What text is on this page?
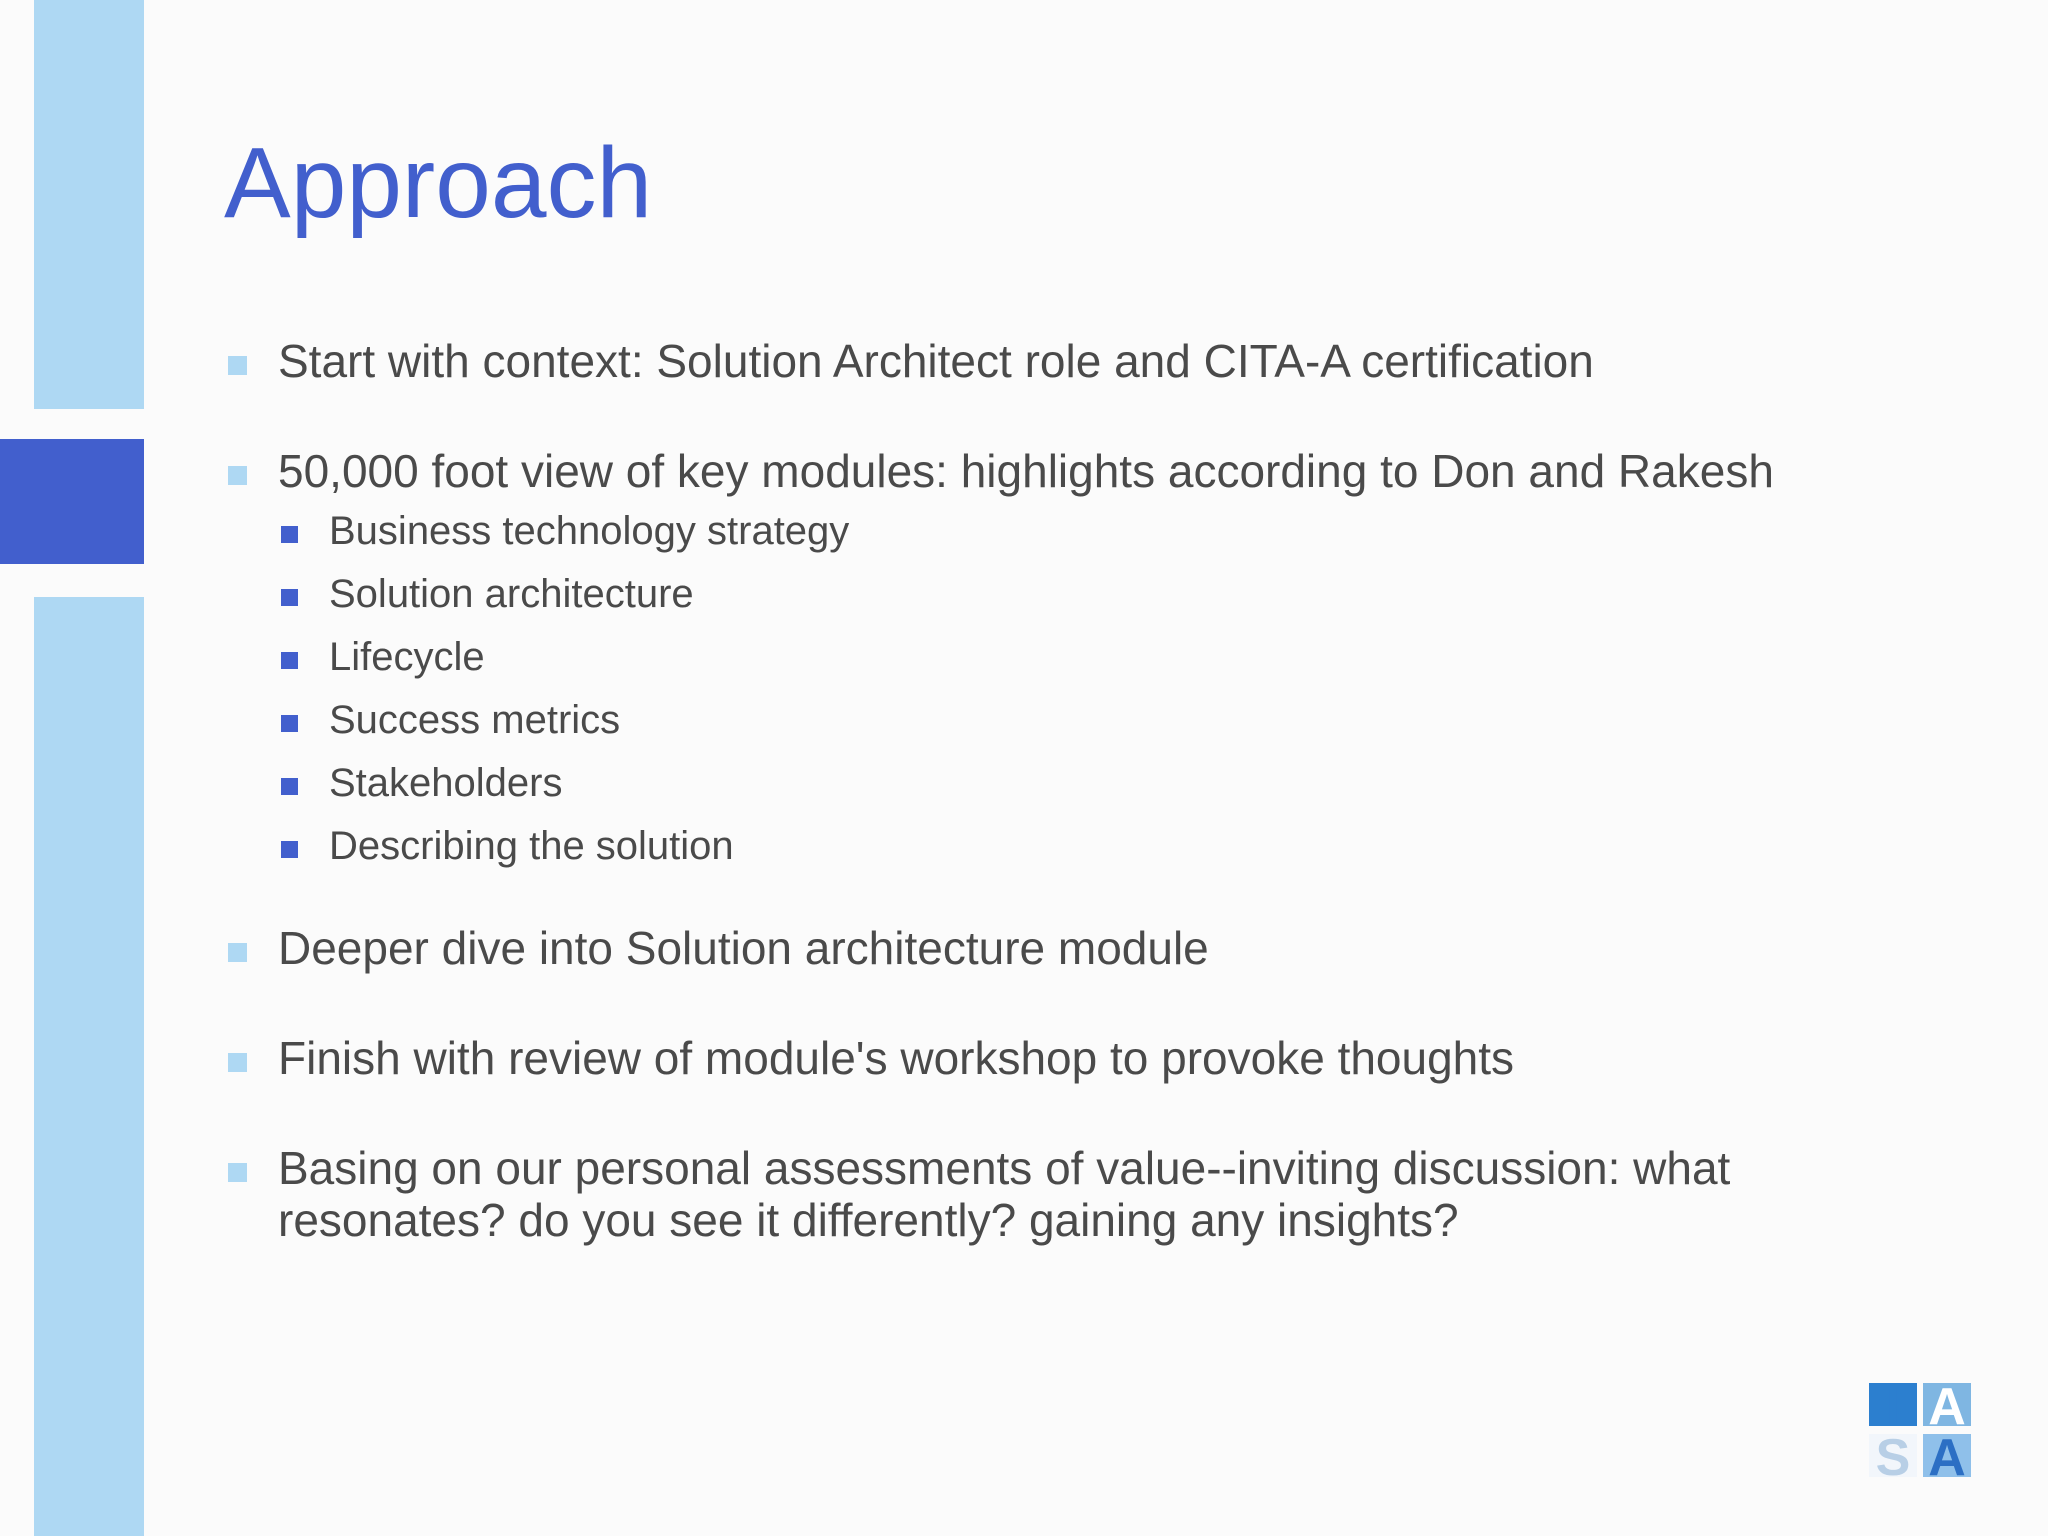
Approach
Start with context: Solution Architect role and CITA-A certification
50,000 foot view of key modules: highlights according to Don and Rakesh
Business technology strategy
Solution architecture
Lifecycle
Success metrics
Stakeholders
Describing the solution
Deeper dive into Solution architecture module
Finish with review of module's workshop to provoke thoughts
Basing on our personal assessments of value--inviting discussion: what resonates? do you see it differently? gaining any insights?
I A
S A
